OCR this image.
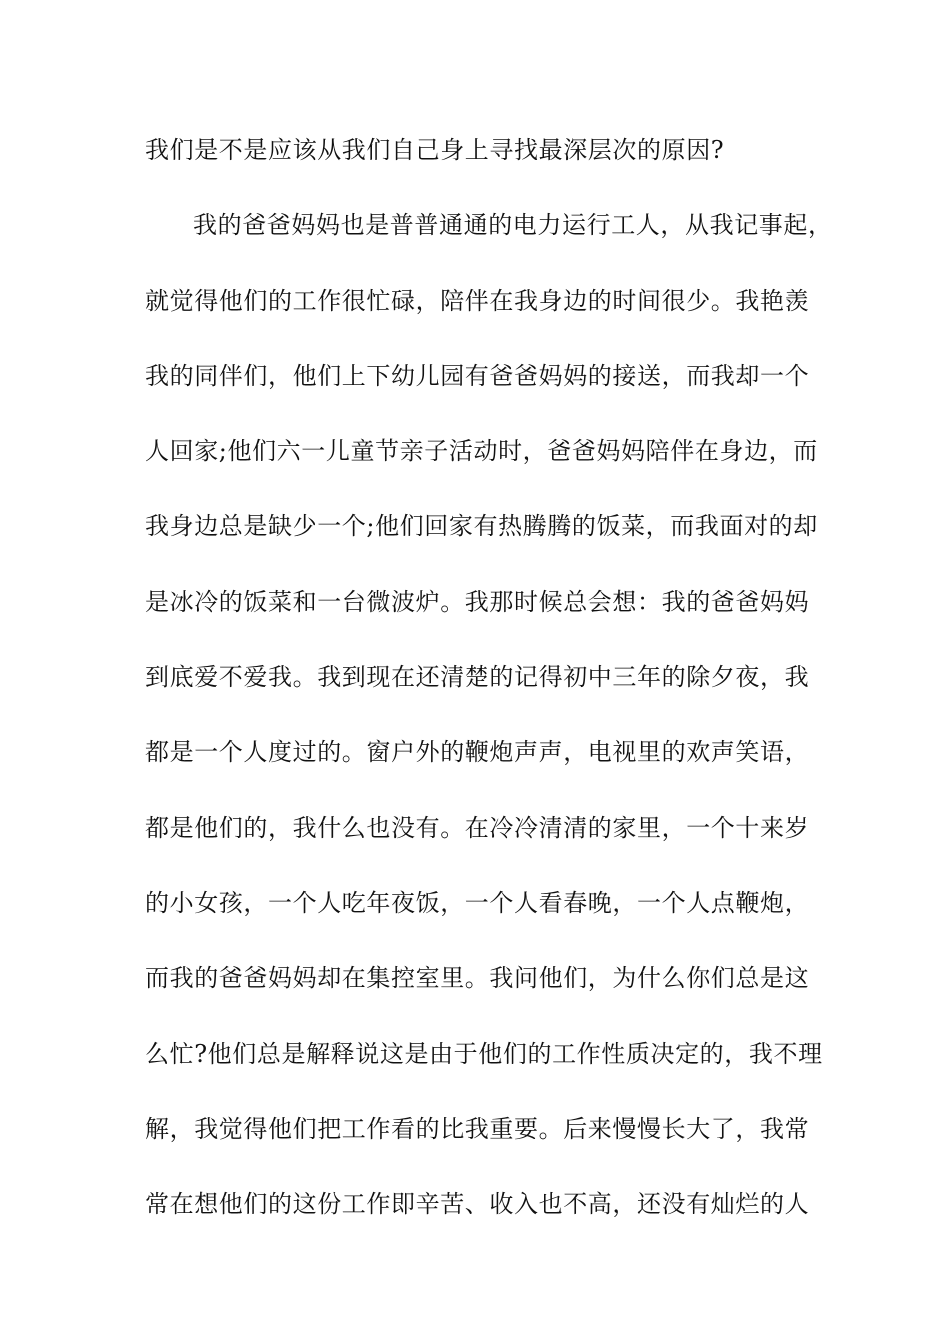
我们是不是应该从我们自己身上寻找最深层次的原因?
我的爸爸妈妈也是普普通通的电力运行工人，从我记事起，
就觉得他们的工作很忙碌，陪伴在我身边的时间很少。我艳羡
我的同伴们，他们上下幼儿园有爸爸妈妈的接送，而我却一个
人回家;他们六一儿童节亲子活动时，爸爸妈妈陪伴在身边，而
我身边总是缺少一个;他们回家有热腾腾的饭菜，而我面对的却
是冰冷的饭菜和一台微波炉。我那时候总会想：我的爸爸妈妈
到底爱不爱我。我到现在还清楚的记得初中三年的除夕夜，我
都是一个人度过的。窗户外的鞭炮声声，电视里的欢声笑语，
都是他们的，我什么也没有。在冷冷清清的家里，一个十来岁
的小女孩，一个人吃年夜饭，一个人看春晚，一个人点鞭炮，
而我的爸爸妈妈却在集控室里。我问他们，为什么你们总是这
么忙?他们总是解释说这是由于他们的工作性质决定的，我不理
解，我觉得他们把工作看的比我重要。后来慢慢长大了，我常
常在想他们的这份工作即辛苦、收入也不高，还没有灿烂的人
